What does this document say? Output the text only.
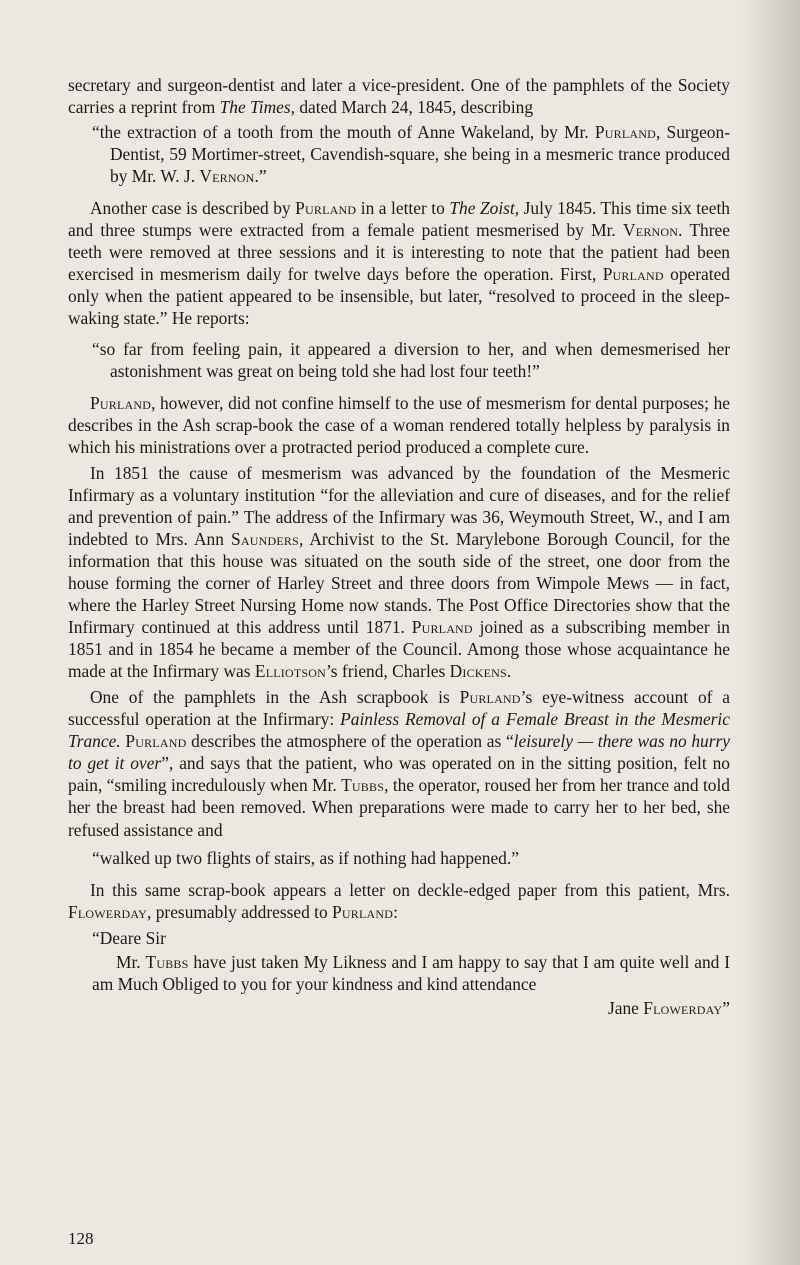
secretary and surgeon-dentist and later a vice-president. One of the pamphlets of the Society carries a reprint from The Times, dated March 24, 1845, describing

“the extraction of a tooth from the mouth of Anne Wakeland, by Mr. Purland, Surgeon-Dentist, 59 Mortimer-street, Cavendish-square, she being in a mesmeric trance produced by Mr. W. J. Vernon.”

Another case is described by Purland in a letter to The Zoist, July 1845. This time six teeth and three stumps were extracted from a female patient mesmerised by Mr. Vernon. Three teeth were removed at three sessions and it is interesting to note that the patient had been exercised in mesmerism daily for twelve days before the operation. First, Purland operated only when the patient appeared to be insensible, but later, “resolved to proceed in the sleep-waking state.” He reports:

“so far from feeling pain, it appeared a diversion to her, and when demesmerised her astonishment was great on being told she had lost four teeth!”

Purland, however, did not confine himself to the use of mesmerism for dental purposes; he describes in the Ash scrap-book the case of a woman rendered totally helpless by paralysis in which his ministrations over a protracted period produced a complete cure.

In 1851 the cause of mesmerism was advanced by the foundation of the Mesmeric Infirmary as a voluntary institution “for the alleviation and cure of diseases, and for the relief and prevention of pain.” The address of the Infirmary was 36, Weymouth Street, W., and I am indebted to Mrs. Ann Saunders, Archivist to the St. Marylebone Borough Council, for the information that this house was situated on the south side of the street, one door from the house forming the corner of Harley Street and three doors from Wimpole Mews — in fact, where the Harley Street Nursing Home now stands. The Post Office Directories show that the Infirmary continued at this address until 1871. Purland joined as a subscribing member in 1851 and in 1854 he became a member of the Council. Among those whose acquaintance he made at the Infirmary was Elliotson’s friend, Charles Dickens.

One of the pamphlets in the Ash scrapbook is Purland’s eye-witness account of a successful operation at the Infirmary: Painless Removal of a Female Breast in the Mesmeric Trance. Purland describes the atmosphere of the operation as “leisurely — there was no hurry to get it over”, and says that the patient, who was operated on in the sitting position, felt no pain, “smiling incredulously when Mr. Tubbs, the operator, roused her from her trance and told her the breast had been removed. When preparations were made to carry her to her bed, she refused assistance and

“walked up two flights of stairs, as if nothing had happened.”

In this same scrap-book appears a letter on deckle-edged paper from this patient, Mrs. Flowerday, presumably addressed to Purland:

“Deare Sir

Mr. Tubbs have just taken My Likness and I am happy to say that I am quite well and I am Much Obliged to you for your kindness and kind attendance

Jane Flowerday”

128
